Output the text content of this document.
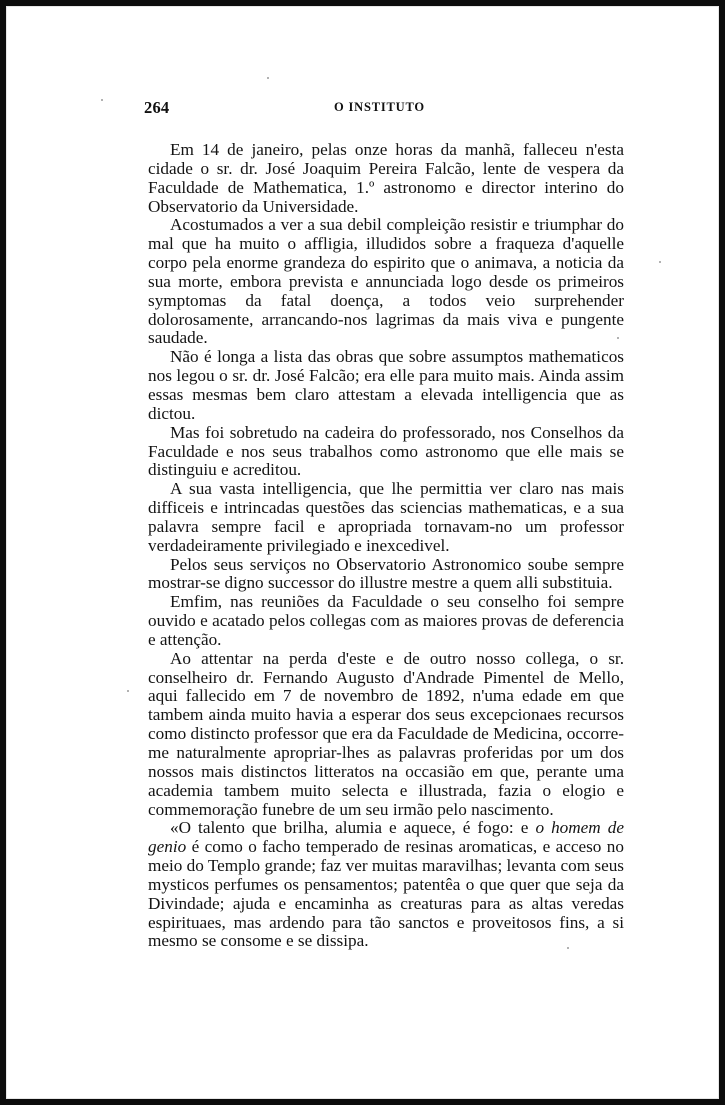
264	O INSTITUTO

Em 14 de janeiro, pelas onze horas da manhã, falleceu n'esta cidade o sr. dr. José Joaquim Pereira Falcão, lente de vespera da Faculdade de Mathematica, 1.º astronomo e director interino do Observatorio da Universidade.

Acostumados a ver a sua debil compleição resistir e triumphar do mal que ha muito o affligia, illudidos sobre a fraqueza d'aquelle corpo pela enorme grandeza do espirito que o animava, a noticia da sua morte, embora prevista e annunciada logo desde os primeiros symptomas da fatal doença, a todos veio surprehender dolorosamente, arrancando-nos lagrimas da mais viva e pungente saudade.

Não é longa a lista das obras que sobre assumptos mathematicos nos legou o sr. dr. José Falcão; era elle para muito mais. Ainda assim essas mesmas bem claro attestam a elevada intelligencia que as dictou.

Mas foi sobretudo na cadeira do professorado, nos Conselhos da Faculdade e nos seus trabalhos como astronomo que elle mais se distinguiu e acreditou.

A sua vasta intelligencia, que lhe permittia ver claro nas mais difficeis e intrincadas questões das sciencias mathematicas, e a sua palavra sempre facil e apropriada tornavam-no um professor verdadeiramente privilegiado e inexcedivel.

Pelos seus serviços no Observatorio Astronomico soube sempre mostrar-se digno successor do illustre mestre a quem alli substituia.

Emfim, nas reuniões da Faculdade o seu conselho foi sempre ouvido e acatado pelos collegas com as maiores provas de deferencia e attenção.

Ao attentar na perda d'este e de outro nosso collega, o sr. conselheiro dr. Fernando Augusto d'Andrade Pimentel de Mello, aqui fallecido em 7 de novembro de 1892, n'uma edade em que tambem ainda muito havia a esperar dos seus excepcionaes recursos como distincto professor que era da Faculdade de Medicina, occorre-me naturalmente apropriar-lhes as palavras proferidas por um dos nossos mais distinctos litteratos na occasião em que, perante uma academia tambem muito selecta e illustrada, fazia o elogio e commemoração funebre de um seu irmão pelo nascimento.

«O talento que brilha, alumia e aquece, é fogo: e o homem de genio é como o facho temperado de resinas aromaticas, e acceso no meio do Templo grande; faz ver muitas maravilhas; levanta com seus mysticos perfumes os pensamentos; patentêa o que quer que seja da Divindade; ajuda e encaminha as creaturas para as altas veredas espirituaes, mas ardendo para tão sanctos e proveitosos fins, a si mesmo se consome e se dissipa.
